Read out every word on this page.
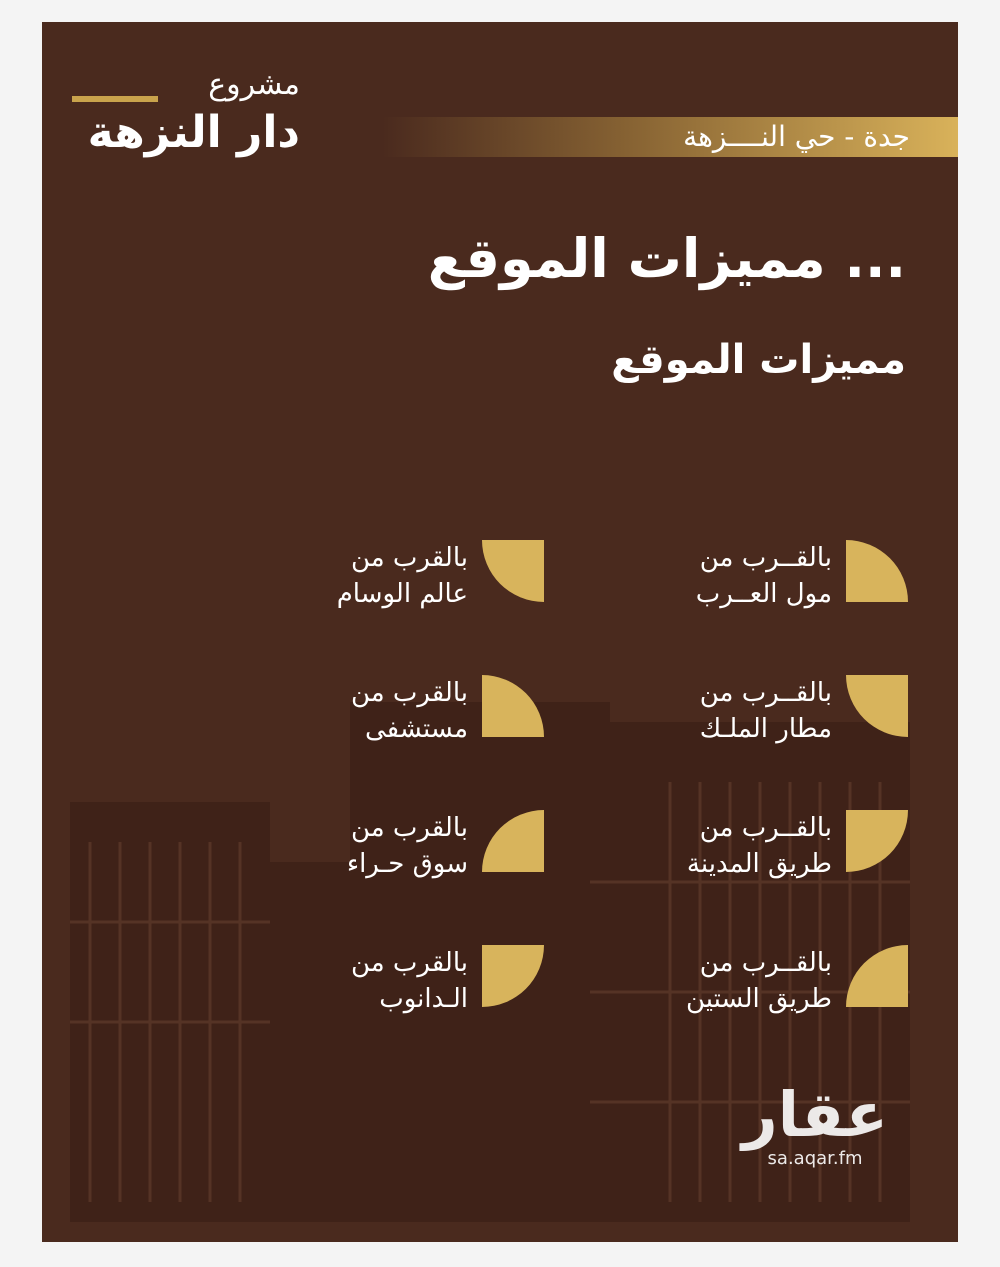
مشروع
دار النزهة	جدة - حي النــــزهة
مميزات الموقع ...
مميزات الموقع
بالقــرب من
مول العــرب
بالقرب من
عالم الوسام
بالقــرب من
مطار الملـك
بالقرب من
مستشفى
بالقــرب من
طريق المدينة
بالقرب من
سوق حـراء
بالقــرب من
طريق الستين
بالقرب من
الـدانوب
عقار
sa.aqar.fm
